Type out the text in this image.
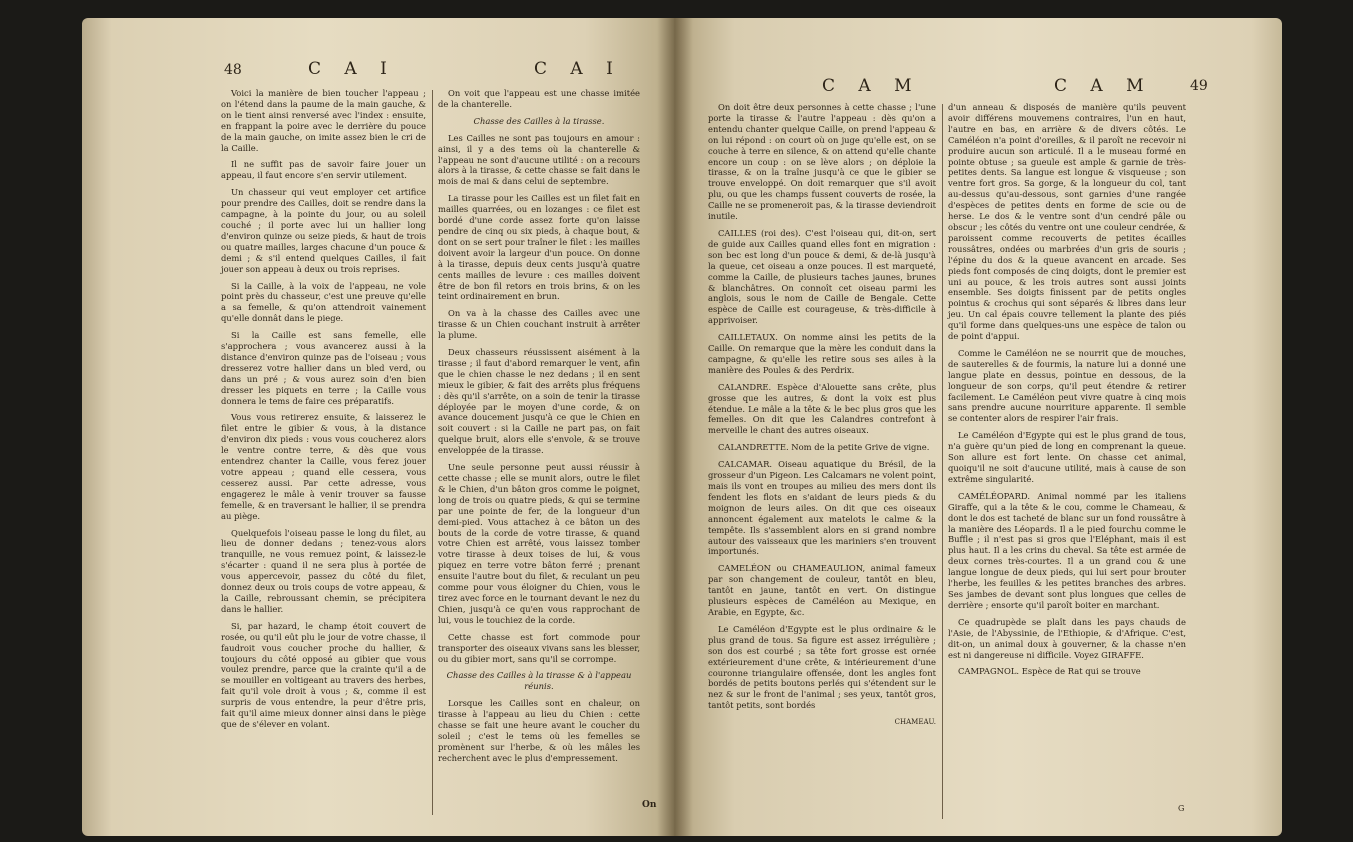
48	C A I	C A I

Voici la manière de bien toucher l'appeau ; on l'étend dans la paume de la main gauche, & on le tient ainsi renversé avec l'index : ensuite, en frappant la poire avec le derrière du pouce de la main gauche, on imite assez bien le cri de la Caille.

Il ne suffit pas de savoir faire jouer un appeau, il faut encore s'en servir utilement.

Un chasseur qui veut employer cet artifice pour prendre des Cailles, doit se rendre dans la campagne, à la pointe du jour, ou au soleil couché ; il porte avec lui un hallier long d'environ quinze ou seize pieds, & haut de trois ou quatre mailles, larges chacune d'un pouce & demi ; & s'il entend quelques Cailles, il fait jouer son appeau à deux ou trois reprises.

Si la Caille, à la voix de l'appeau, ne vole point près du chasseur, c'est une preuve qu'elle a sa femelle, & qu'on attendroit vainement qu'elle donnât dans le piege.

Si la Caille est sans femelle, elle s'approchera ; vous avancerez aussi à la distance d'environ quinze pas de l'oiseau ; vous dresserez votre hallier dans un bled verd, ou dans un pré ; & vous aurez soin d'en bien dresser les piquets en terre ; la Caille vous donnera le tems de faire ces préparatifs.

Vous vous retirerez ensuite, & laisserez le filet entre le gibier & vous, à la distance d'environ dix pieds : vous vous coucherez alors le ventre contre terre, & dès que vous entendrez chanter la Caille, vous ferez jouer votre appeau ; quand elle cessera, vous cesserez aussi. Par cette adresse, vous engagerez le mâle à venir trouver sa fausse femelle, & en traversant le hallier, il se prendra au piège.

Quelquefois l'oiseau passe le long du filet, au lieu de donner dedans ; tenez-vous alors tranquille, ne vous remuez point, & laissez-le s'écarter : quand il ne sera plus à portée de vous appercevoir, passez du côté du filet, donnez deux ou trois coups de votre appeau, & la Caille, rebroussant chemin, se précipitera dans le hallier.

Si, par hazard, le champ étoit couvert de rosée, ou qu'il eût plu le jour de votre chasse, il faudroit vous coucher proche du hallier, & toujours du côté opposé au gibier que vous voulez prendre, parce que la crainte qu'il a de se mouiller en voltigeant au travers des herbes, fait qu'il vole droit à vous ; &, comme il est surpris de vous entendre, la peur d'être pris, fait qu'il aime mieux donner ainsi dans le piège que de s'élever en volant.

On voit que l'appeau est une chasse imitée de la chanterelle.

Chasse des Cailles à la tirasse.

Les Cailles ne sont pas toujours en amour : ainsi, il y a des tems où la chanterelle & l'appeau ne sont d'aucune utilité : on a recours alors à la tirasse, & cette chasse se fait dans le mois de mai & dans celui de septembre.

La tirasse pour les Cailles est un filet fait en mailles quarrées, ou en lozanges : ce filet est bordé d'une corde assez forte qu'on laisse pendre de cinq ou six pieds, à chaque bout, & dont on se sert pour traîner le filet : les mailles doivent avoir la largeur d'un pouce. On donne à la tirasse, depuis deux cents jusqu'à quatre cents mailles de levure : ces mailles doivent être de bon fil retors en trois brins, & on les teint ordinairement en brun.

On va à la chasse des Cailles avec une tirasse & un Chien couchant instruit à arrêter la plume.

Deux chasseurs réussissent aisément à la tirasse ; il faut d'abord remarquer le vent, afin que le chien chasse le nez dedans ; il en sent mieux le gibier, & fait des arrêts plus fréquens : dès qu'il s'arrête, on a soin de tenir la tirasse déployée par le moyen d'une corde, & on avance doucement jusqu'à ce que le Chien en soit couvert : si la Caille ne part pas, on fait quelque bruit, alors elle s'envole, & se trouve enveloppée de la tirasse.

Une seule personne peut aussi réussir à cette chasse ; elle se munit alors, outre le filet & le Chien, d'un bâton gros comme le poignet, long de trois ou quatre pieds, & qui se termine par une pointe de fer, de la longueur d'un demi-pied. Vous attachez à ce bâton un des bouts de la corde de votre tirasse, & quand votre Chien est arrêté, vous laissez tomber votre tirasse à deux toises de lui, & vous piquez en terre votre bâton ferré ; prenant ensuite l'autre bout du filet, & reculant un peu comme pour vous éloigner du Chien, vous le tirez avec force en le tournant devant le nez du Chien, jusqu'à ce qu'en vous rapprochant de lui, vous le touchiez de la corde.

Cette chasse est fort commode pour transporter des oiseaux vivans sans les blesser, ou du gibier mort, sans qu'il se corrompe.

Chasse des Cailles à la tirasse & à l'appeau réunis.

Lorsque les Cailles sont en chaleur, on tirasse à l'appeau au lieu du Chien : cette chasse se fait une heure avant le coucher du soleil ; c'est le tems où les femelles se promènent sur l'herbe, & où les mâles les recherchent avec le plus d'empressement.

On
C A M	C A M	49

On doit être deux personnes à cette chasse ; l'une porte la tirasse & l'autre l'appeau : dès qu'on a entendu chanter quelque Caille, on prend l'appeau & on lui répond : on court où on juge qu'elle est, on se couche à terre en silence, & on attend qu'elle chante encore un coup : on se lève alors ; on déploie la tirasse, & on la traîne jusqu'à ce que le gibier se trouve enveloppé. On doit remarquer que s'il avoit plu, ou que les champs fussent couverts de rosée, la Caille ne se promeneroit pas, & la tirasse deviendroit inutile.

CAILLES (roi des). C'est l'oiseau qui, dit-on, sert de guide aux Cailles quand elles font en migration : son bec est long d'un pouce & demi, & de-là jusqu'à la queue, cet oiseau a onze pouces. Il est marqueté, comme la Caille, de plusieurs taches jaunes, brunes & blanchâtres. On connoît cet oiseau parmi les anglois, sous le nom de Caille de Bengale. Cette espèce de Caille est courageuse, & très-difficile à apprivoiser.

CAILLETAUX. On nomme ainsi les petits de la Caille. On remarque que la mère les conduit dans la campagne, & qu'elle les retire sous ses ailes à la manière des Poules & des Perdrix.

CALANDRE. Espèce d'Alouette sans crête, plus grosse que les autres, & dont la voix est plus étendue. Le mâle a la tête & le bec plus gros que les femelles. On dit que les Calandres contrefont à merveille le chant des autres oiseaux.

CALANDRETTE. Nom de la petite Grive de vigne.

CALCAMAR. Oiseau aquatique du Brésil, de la grosseur d'un Pigeon. Les Calcamars ne volent point, mais ils vont en troupes au milieu des mers dont ils fendent les flots en s'aidant de leurs pieds & du moignon de leurs ailes. On dit que ces oiseaux annoncent également aux matelots le calme & la tempête. Ils s'assemblent alors en si grand nombre autour des vaisseaux que les mariniers s'en trouvent importunés.

CAMELÉON ou CHAMEAULION, animal fameux par son changement de couleur, tantôt en bleu, tantôt en jaune, tantôt en vert. On distingue plusieurs espèces de Caméléon au Mexique, en Arabie, en Egypte, &c.

Le Caméléon d'Egypte est le plus ordinaire & le plus grand de tous. Sa figure est assez irrégulière ; son dos est courbé ; sa tête fort grosse est ornée extérieurement d'une crête, & intérieurement d'une couronne triangulaire offensée, dont les angles font bordés de petits boutons perlés qui s'étendent sur le nez & sur le front de l'animal ; ses yeux, tantôt gros, tantôt petits, sont bordés

CHAMEAU.

d'un anneau & disposés de manière qu'ils peuvent avoir différens mouvemens contraires, l'un en haut, l'autre en bas, en arrière & de divers côtés. Le Caméléon n'a point d'oreilles, & il paroît ne recevoir ni produire aucun son articulé. Il a le museau formé en pointe obtuse ; sa gueule est ample & garnie de très-petites dents. Sa langue est longue & visqueuse ; son ventre fort gros. Sa gorge, & la longueur du col, tant au-dessus qu'au-dessous, sont garnies d'une rangée d'espèces de petites dents en forme de scie ou de herse. Le dos & le ventre sont d'un cendré pâle ou obscur ; les côtés du ventre ont une couleur cendrée, & paroissent comme recouverts de petites écailles roussâtres, ondées ou marbrées d'un gris de souris ; l'épine du dos & la queue avancent en arcade. Ses pieds font composés de cinq doigts, dont le premier est uni au pouce, & les trois autres sont aussi joints ensemble. Ses doigts finissent par de petits ongles pointus & crochus qui sont séparés & libres dans leur jeu. Un cal épais couvre tellement la plante des piés qu'il forme dans quelques-uns une espèce de talon ou de point d'appui.

Comme le Caméléon ne se nourrit que de mouches, de sauterelles & de fourmis, la nature lui a donné une langue plate en dessus, pointue en dessous, de la longueur de son corps, qu'il peut étendre & retirer facilement. Le Caméléon peut vivre quatre à cinq mois sans prendre aucune nourriture apparente. Il semble se contenter alors de respirer l'air frais.

Le Caméléon d'Egypte qui est le plus grand de tous, n'a guère qu'un pied de long en comprenant la queue. Son allure est fort lente. On chasse cet animal, quoiqu'il ne soit d'aucune utilité, mais à cause de son extrême singularité.

CAMÉLÉOPARD. Animal nommé par les italiens Giraffe, qui a la tête & le cou, comme le Chameau, & dont le dos est tacheté de blanc sur un fond roussâtre à la manière des Léopards. Il a le pied fourchu comme le Buffle ; il n'est pas si gros que l'Eléphant, mais il est plus haut. Il a les crins du cheval. Sa tête est armée de deux cornes très-courtes. Il a un grand cou & une langue longue de deux pieds, qui lui sert pour brouter l'herbe, les feuilles & les petites branches des arbres. Ses jambes de devant sont plus longues que celles de derrière ; ensorte qu'il paroît boiter en marchant.

Ce quadrupède se plaît dans les pays chauds de l'Asie, de l'Abyssinie, de l'Ethiopie, & d'Afrique. C'est, dit-on, un animal doux à gouverner, & la chasse n'en est ni dangereuse ni difficile. Voyez GIRAFFE.

CAMPAGNOL. Espèce de Rat qui se trouve

G
